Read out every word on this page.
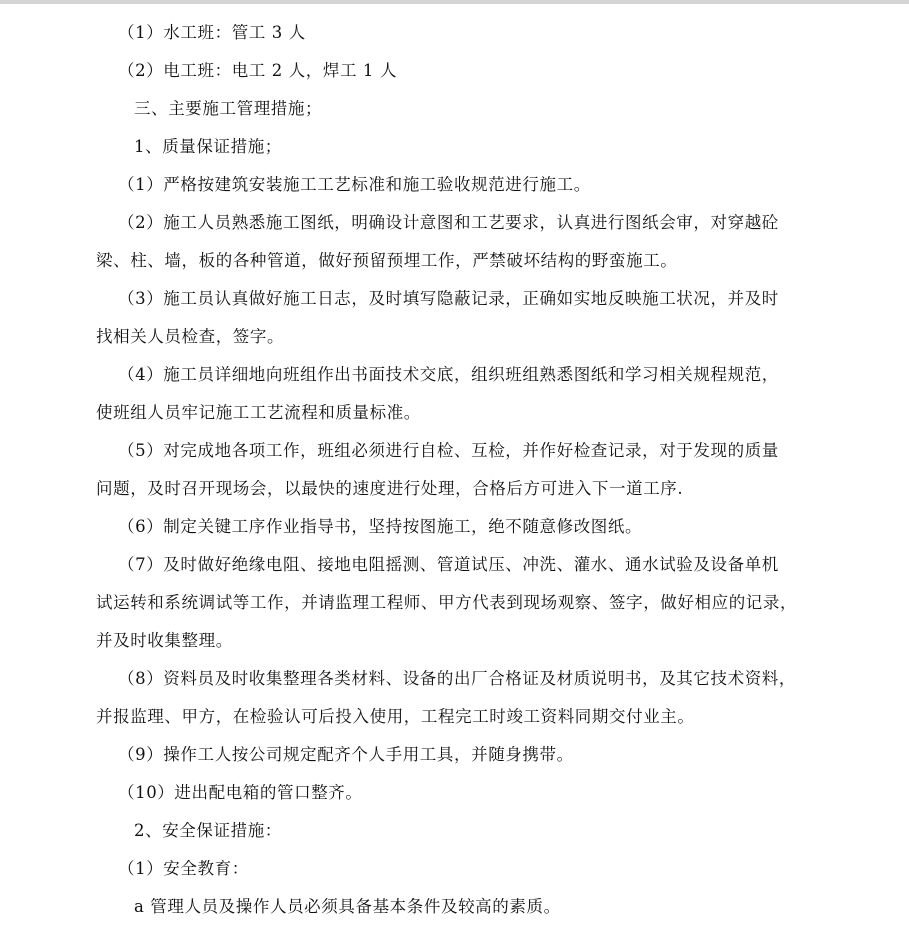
（1）水工班：管工 3 人

（2）电工班：电工 2 人，焊工 1 人

三、主要施工管理措施；

1、质量保证措施；

（1）严格按建筑安装施工工艺标准和施工验收规范进行施工。

（2）施工人员熟悉施工图纸，明确设计意图和工艺要求，认真进行图纸会审，对穿越砼

梁、柱、墙，板的各种管道，做好预留预埋工作，严禁破坏结构的野蛮施工。

（3）施工员认真做好施工日志，及时填写隐蔽记录，正确如实地反映施工状况，并及时

找相关人员检查，签字。

（4）施工员详细地向班组作出书面技术交底，组织班组熟悉图纸和学习相关规程规范，

使班组人员牢记施工工艺流程和质量标准。

（5）对完成地各项工作，班组必须进行自检、互检，并作好检查记录，对于发现的质量

问题，及时召开现场会，以最快的速度进行处理，合格后方可进入下一道工序.

（6）制定关键工序作业指导书，坚持按图施工，绝不随意修改图纸。

（7）及时做好绝缘电阻、接地电阻摇测、管道试压、冲洗、灌水、通水试验及设备单机

试运转和系统调试等工作，并请监理工程师、甲方代表到现场观察、签字，做好相应的记录，

并及时收集整理。

（8）资料员及时收集整理各类材料、设备的出厂合格证及材质说明书，及其它技术资料，

并报监理、甲方，在检验认可后投入使用，工程完工时竣工资料同期交付业主。

（9）操作工人按公司规定配齐个人手用工具，并随身携带。

（10）进出配电箱的管口整齐。

2、安全保证措施：

（1）安全教育：

a 管理人员及操作人员必须具备基本条件及较高的素质。
